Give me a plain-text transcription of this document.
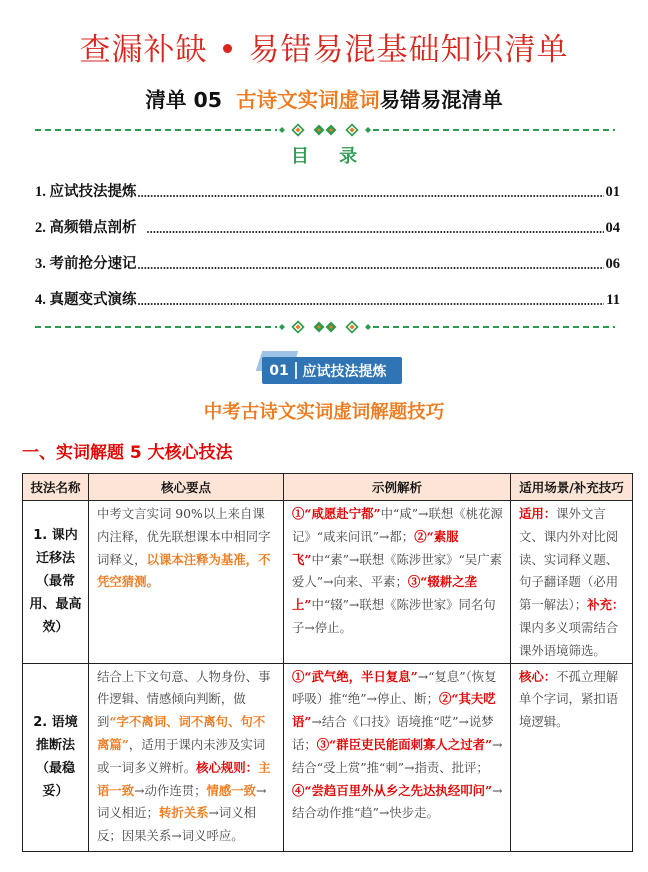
查漏补缺 • 易错易混基础知识清单
清单 05 古诗文实词虚词易错易混清单
目 录
1. 应试技法提炼	01
2. 高频错点剖析	04
3. 考前抢分速记	06
4. 真题变式演练	11
01 应试技法提炼
中考古诗文实词虚词解题技巧
一、实词解题 5 大核心技法
技法名称	核心要点	示例解析	适用场景/补充技巧

1. 课内
迁移法
（最常
用、最高
效）	中考文言实词 90%以上来自课内注释，优先联想课本中相同字词释义，以课本注释为基准，不凭空猜测。	①“咸愿赴宁都”中“咸”→联想《桃花源记》“咸来问讯”→都；②“素服飞”中“素”→联想《陈涉世家》“吴广素爱人”→向来、平素；③“辍耕之垄上”中“辍”→联想《陈涉世家》同名句子→停止。	适用：课外文言文、课内外对比阅读、实词释义题、句子翻译题（必用第一解法）；补充：课内多义项需结合课外语境筛选。

2. 语境
推断法
（最稳
妥）	结合上下文句意、人物身份、事件逻辑、情感倾向判断，做到“字不离词、词不离句、句不离篇”，适用于课内未涉及实词或一词多义辨析。核心规则：主语一致→动作连贯；情感一致→词义相近；转折关系→词义相反；因果关系→词义呼应。	①“武气绝，半日复息”→“复息”（恢复呼吸）推“绝”→停止、断；②“其夫呓语”→结合《口技》语境推“呓”→说梦话；③“群臣吏民能面刺寡人之过者”→结合“受上赏”推“刺”→指责、批评；④“尝趋百里外从乡之先达执经叩问”→结合动作推“趋”→快步走。	核心：不孤立理解单个字词，紧扣语境逻辑。
